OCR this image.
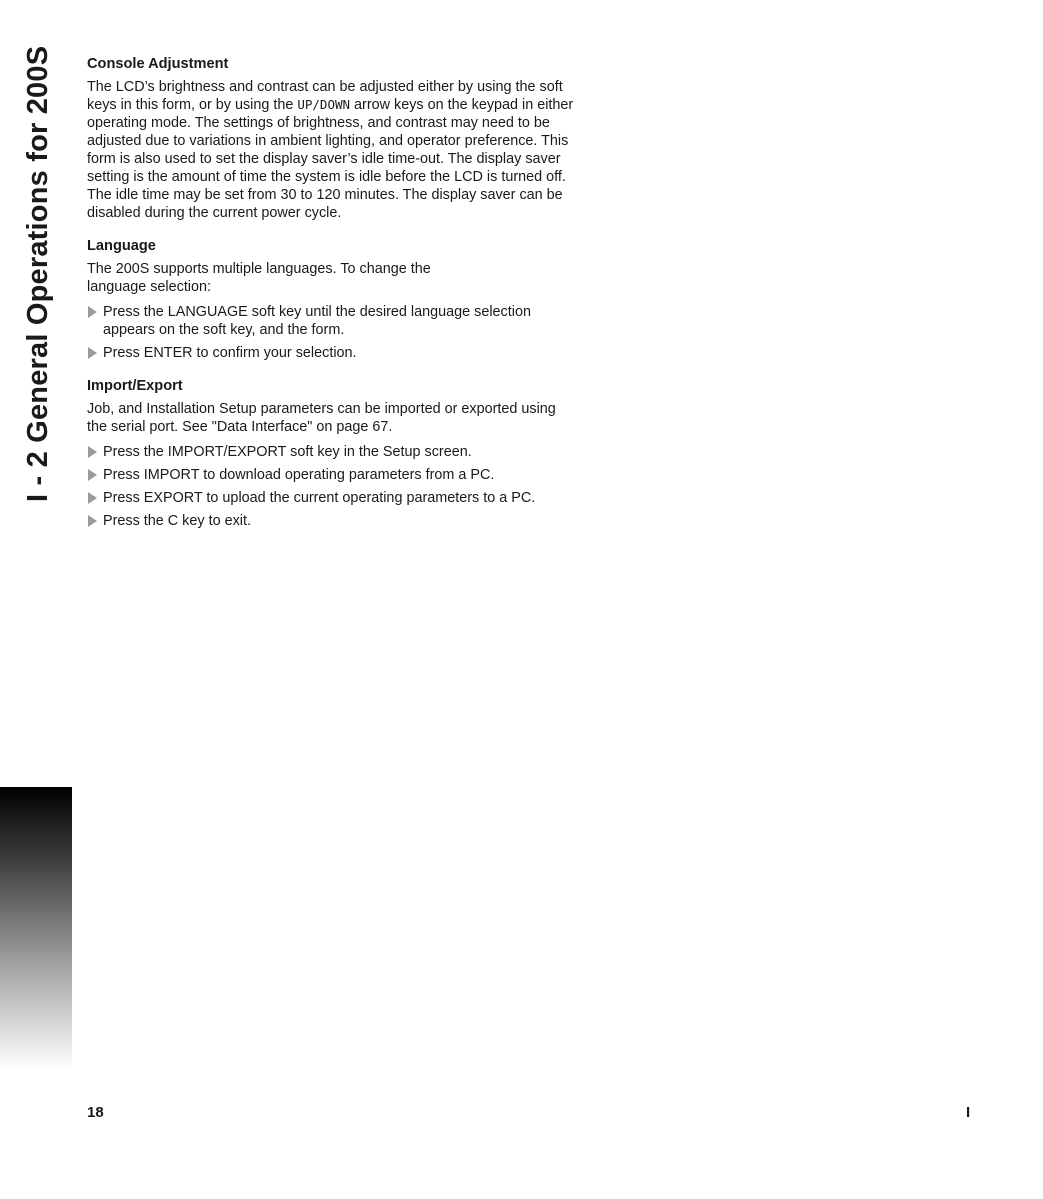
I - 2 General Operations for 200S Console Adjustment

The LCD’s brightness and contrast can be adjusted either by using the soft keys in this form, or by using the UP/DOWN arrow keys on the keypad in either operating mode. The settings of brightness, and contrast may need to be adjusted due to variations in ambient lighting, and operator preference. This form is also used to set the display saver’s idle time-out. The display saver setting is the amount of time the system is idle before the LCD is turned off. The idle time may be set from 30 to 120 minutes. The display saver can be disabled during the current power cycle.

Language

The 200S supports multiple languages. To change the
language selection:

Press the LANGUAGE soft key until the desired language selection appears on the soft key, and the form.
Press ENTER to confirm your selection.
Import/Export

Job, and Installation Setup parameters can be imported or exported using the serial port. See "Data Interface" on page 67.

Press the IMPORT/EXPORT soft key in the Setup screen.
Press IMPORT to download operating parameters from a PC.
Press EXPORT to upload the current operating parameters to a PC.
Press the C key to exit.
18	I
